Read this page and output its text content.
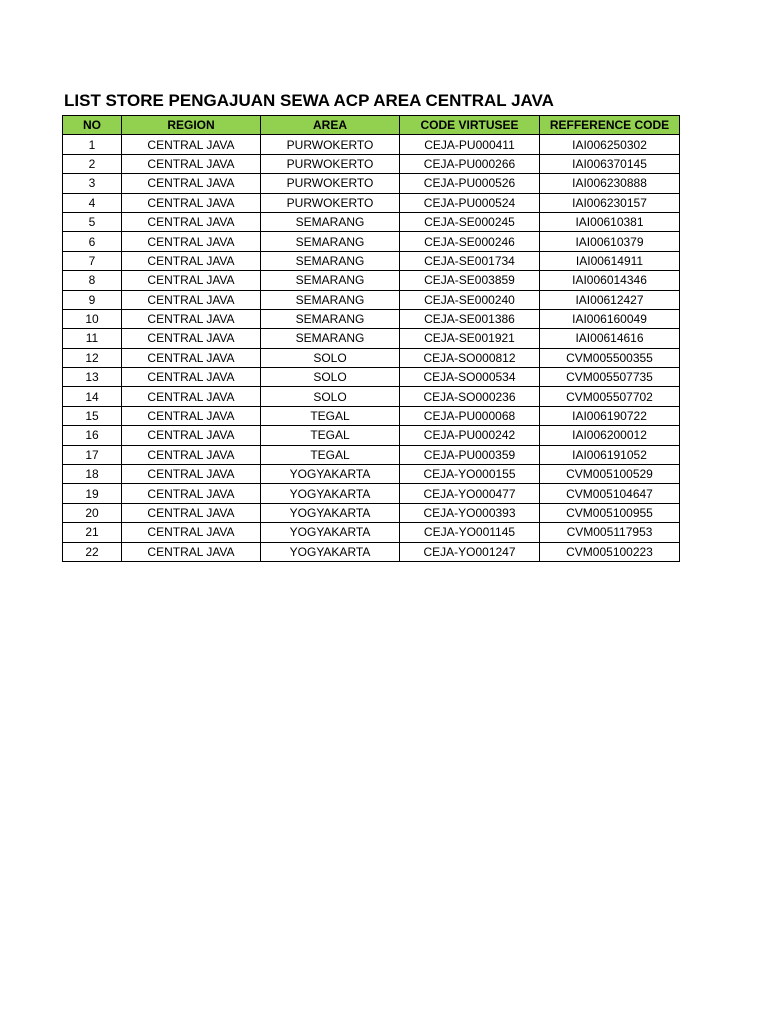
LIST STORE PENGAJUAN SEWA ACP AREA CENTRAL JAVA
NO	REGION	AREA	CODE VIRTUSEE	REFFERENCE CODE
1	CENTRAL JAVA	PURWOKERTO	CEJA-PU000411	IAI006250302
2	CENTRAL JAVA	PURWOKERTO	CEJA-PU000266	IAI006370145
3	CENTRAL JAVA	PURWOKERTO	CEJA-PU000526	IAI006230888
4	CENTRAL JAVA	PURWOKERTO	CEJA-PU000524	IAI006230157
5	CENTRAL JAVA	SEMARANG	CEJA-SE000245	IAI00610381
6	CENTRAL JAVA	SEMARANG	CEJA-SE000246	IAI00610379
7	CENTRAL JAVA	SEMARANG	CEJA-SE001734	IAI00614911
8	CENTRAL JAVA	SEMARANG	CEJA-SE003859	IAI006014346
9	CENTRAL JAVA	SEMARANG	CEJA-SE000240	IAI00612427
10	CENTRAL JAVA	SEMARANG	CEJA-SE001386	IAI006160049
11	CENTRAL JAVA	SEMARANG	CEJA-SE001921	IAI00614616
12	CENTRAL JAVA	SOLO	CEJA-SO000812	CVM005500355
13	CENTRAL JAVA	SOLO	CEJA-SO000534	CVM005507735
14	CENTRAL JAVA	SOLO	CEJA-SO000236	CVM005507702
15	CENTRAL JAVA	TEGAL	CEJA-PU000068	IAI006190722
16	CENTRAL JAVA	TEGAL	CEJA-PU000242	IAI006200012
17	CENTRAL JAVA	TEGAL	CEJA-PU000359	IAI006191052
18	CENTRAL JAVA	YOGYAKARTA	CEJA-YO000155	CVM005100529
19	CENTRAL JAVA	YOGYAKARTA	CEJA-YO000477	CVM005104647
20	CENTRAL JAVA	YOGYAKARTA	CEJA-YO000393	CVM005100955
21	CENTRAL JAVA	YOGYAKARTA	CEJA-YO001145	CVM005117953
22	CENTRAL JAVA	YOGYAKARTA	CEJA-YO001247	CVM005100223
